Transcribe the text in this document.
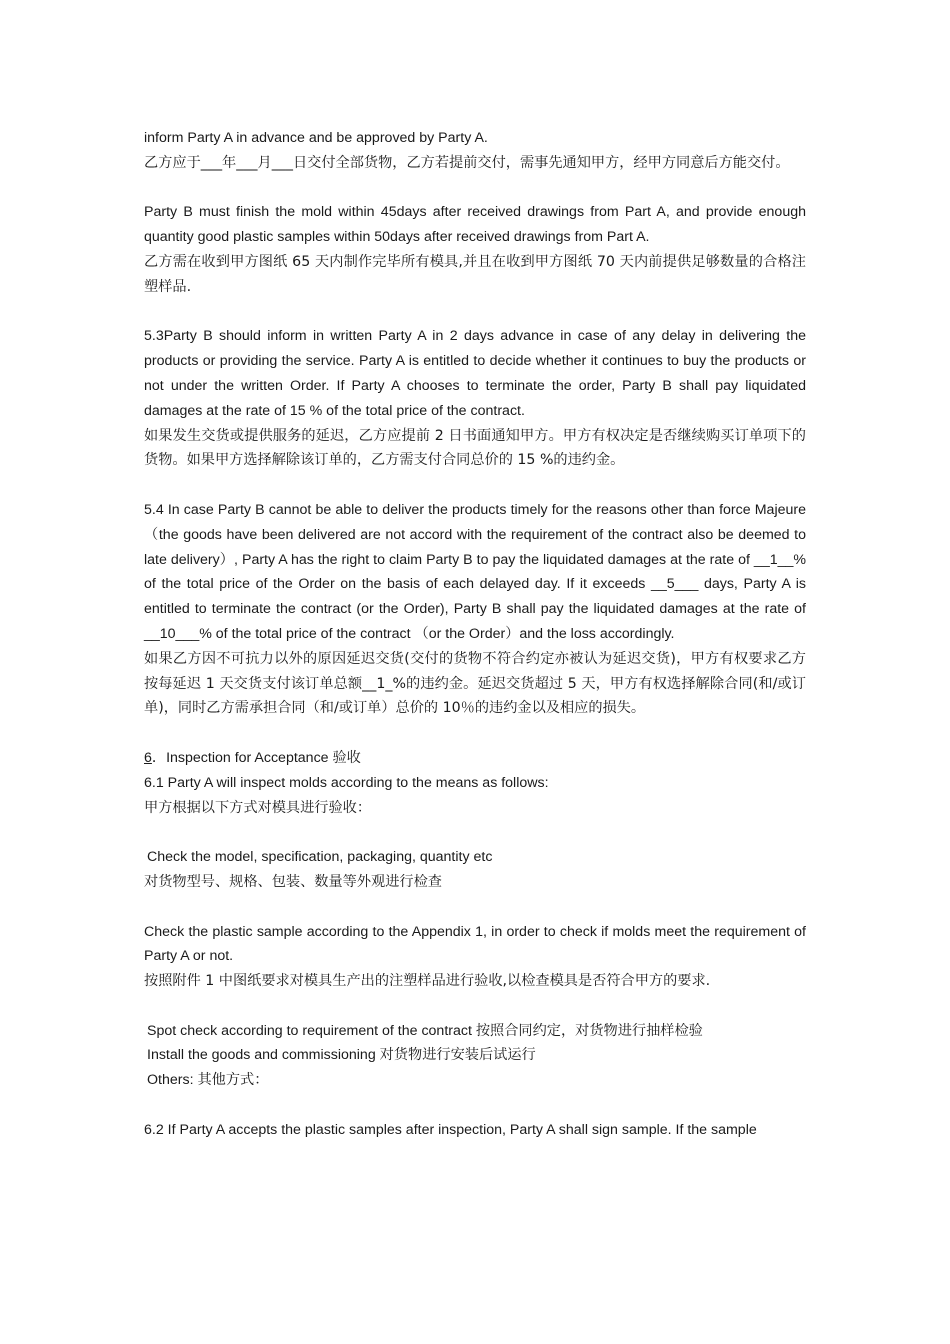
inform Party A in advance and be approved by Party A.

乙方应于___年___月___日交付全部货物，乙方若提前交付，需事先通知甲方，经甲方同意后方能交付。

Party B must finish the mold within 45days after received drawings from Part A, and provide enough quantity good plastic samples within 50days after received drawings from Part A.

乙方需在收到甲方图纸 65 天内制作完毕所有模具,并且在收到甲方图纸 70 天内前提供足够数量的合格注塑样品.

5.3Party B should inform in written Party A in 2 days advance in case of any delay in delivering the products or providing the service. Party A is entitled to decide whether it continues to buy the products or not under the written Order. If Party A chooses to terminate the order, Party B shall pay liquidated damages at the rate of 15 % of the total price of the contract.

如果发生交货或提供服务的延迟，乙方应提前 2 日书面通知甲方。甲方有权决定是否继续购买订单项下的货物。如果甲方选择解除该订单的，乙方需支付合同总价的 15 %的违约金。

5.4 In case Party B cannot be able to deliver the products timely for the reasons other than force Majeure（the goods have been delivered are not accord with the requirement of the contract also be deemed to late delivery）, Party A has the right to claim Party B to pay the liquidated damages at the rate of __1__% of the total price of the Order on the basis of each delayed day. If it exceeds __5___ days, Party A is entitled to terminate the contract (or the Order), Party B shall pay the liquidated damages at the rate of __10___% of the total price of the contract （or the Order）and the loss accordingly.

如果乙方因不可抗力以外的原因延迟交货(交付的货物不符合约定亦被认为延迟交货)，甲方有权要求乙方按每延迟 1 天交货支付该订单总额__1_%的违约金。延迟交货超过 5 天，甲方有权选择解除合同(和/或订单)，同时乙方需承担合同（和/或订单）总价的 10％的违约金以及相应的损失。

6 ．Inspection for Acceptance 验收

6.1 Party A will inspect molds according to the means as follows:

甲方根据以下方式对模具进行验收：

Check the model, specification, packaging, quantity etc

对货物型号、规格、包装、数量等外观进行检查

Check the plastic sample according to the Appendix 1, in order to check if molds meet the requirement of Party A or not.

按照附件 1 中图纸要求对模具生产出的注塑样品进行验收,以检查模具是否符合甲方的要求.

Spot check according to requirement of the contract 按照合同约定，对货物进行抽样检验

Install the goods and commissioning 对货物进行安装后试运行

Others: 其他方式：

6.2 If Party A accepts the plastic samples after inspection, Party A shall sign sample. If the sample
